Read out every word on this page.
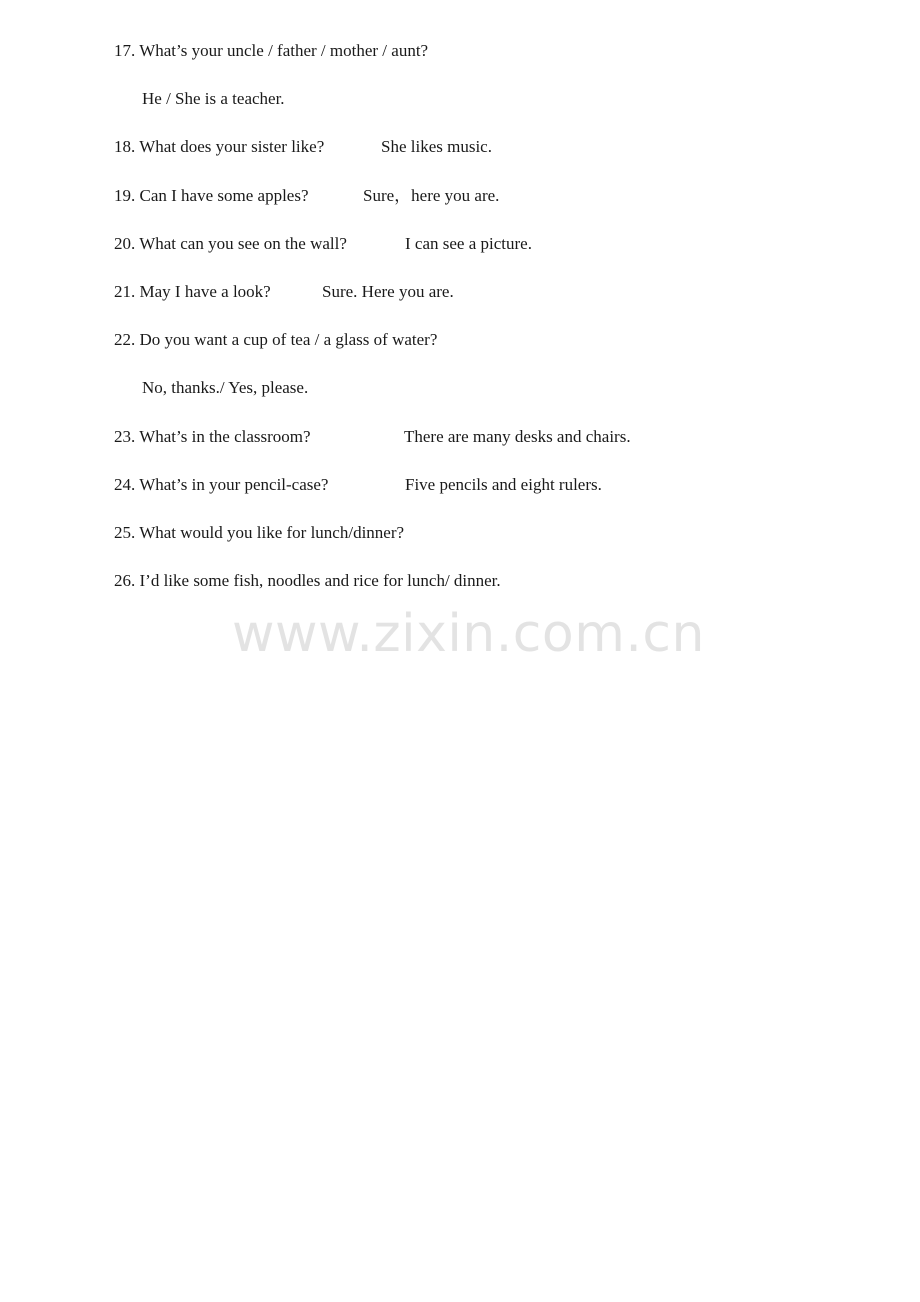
17. What’s your uncle / father / mother / aunt?
He / She is a teacher.
18. What does your sister like?	She likes music.
19. Can I have some apples?	Sure，here you are.
20. What can you see on the wall?	I can see a picture.
21. May I have a look?	Sure. Here you are.
22. Do you want a cup of tea / a glass of water?
No, thanks./ Yes, please.
23. What’s in the classroom?	There are many desks and chairs.
24. What’s in your pencil-case?	Five pencils and eight rulers.
25. What would you like for lunch/dinner?
26. I’d like some fish, noodles and rice for lunch/ dinner.
www.zixin.com.cn
